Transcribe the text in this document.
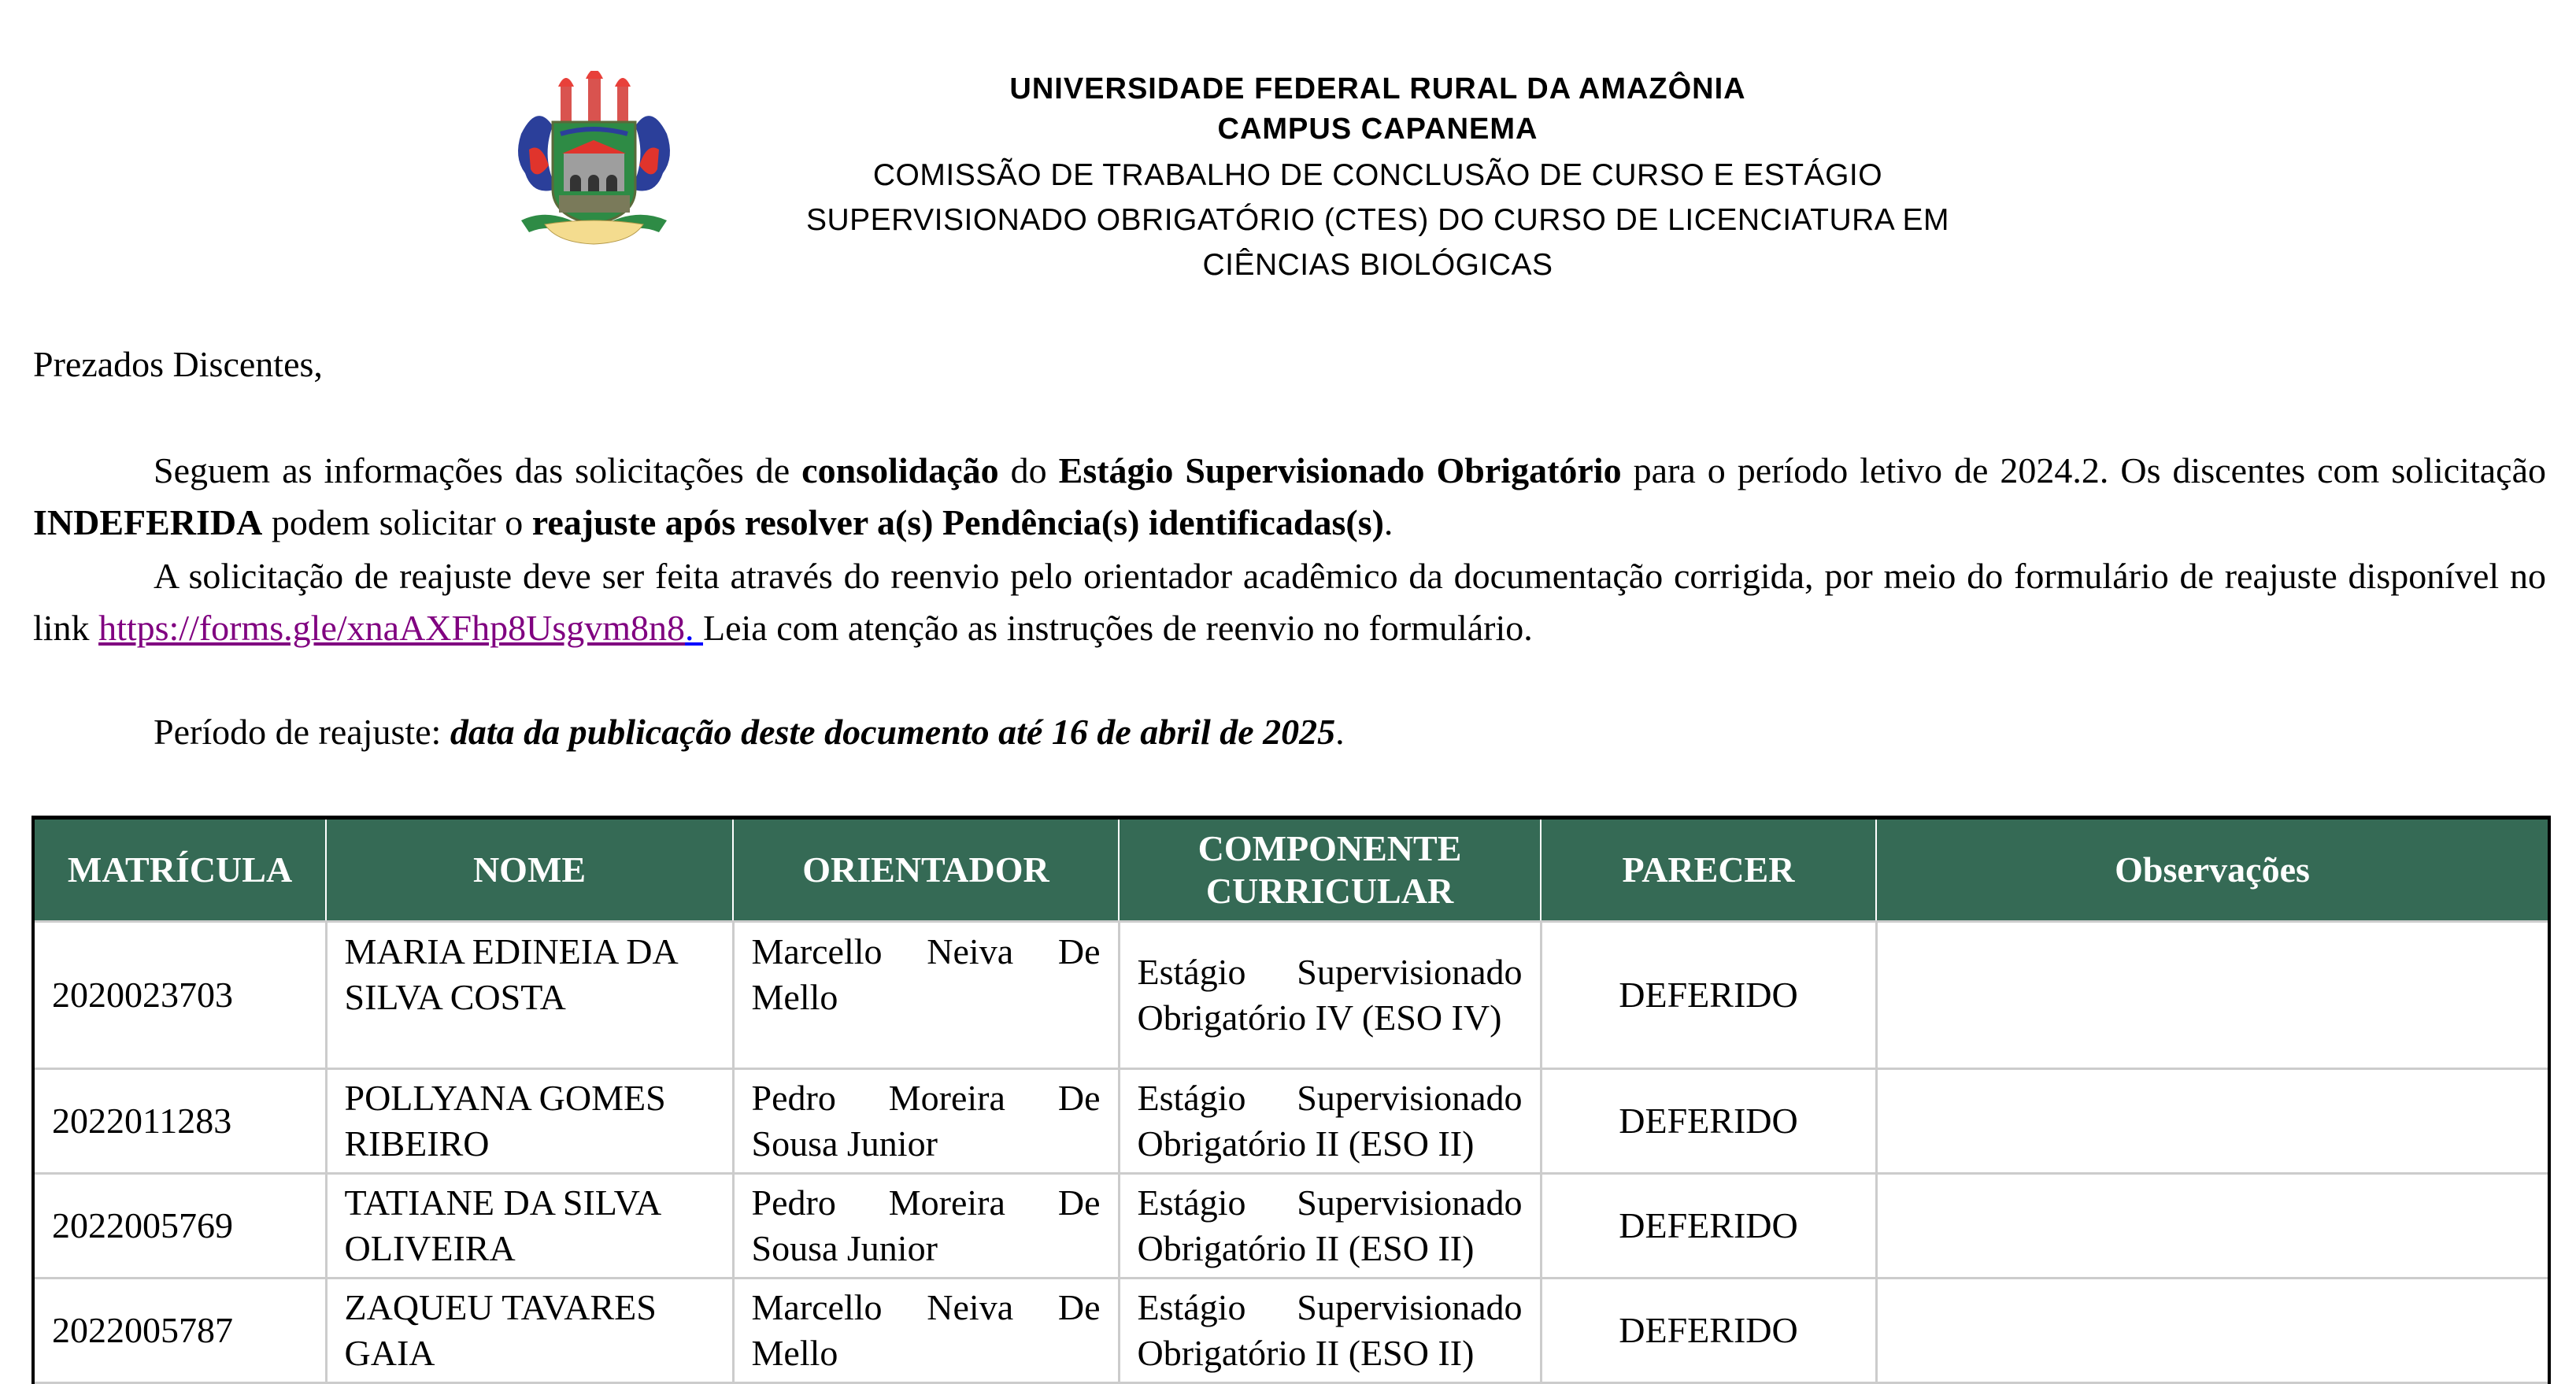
UNIVERSIDADE FEDERAL RURAL DA AMAZÔNIA
CAMPUS CAPANEMA
COMISSÃO DE TRABALHO DE CONCLUSÃO DE CURSO E ESTÁGIO
SUPERVISIONADO OBRIGATÓRIO (CTES) DO CURSO DE LICENCIATURA EM
CIÊNCIAS BIOLÓGICAS
Prezados Discentes,
Seguem as informações das solicitações de consolidação do Estágio Supervisionado Obrigatório para o período letivo de 2024.2. Os discentes com solicitação INDEFERIDA podem solicitar o reajuste após resolver a(s) Pendência(s) identificadas(s).
A solicitação de reajuste deve ser feita através do reenvio pelo orientador acadêmico da documentação corrigida, por meio do formulário de reajuste disponível no link https://forms.gle/xnaAXFhp8Usgvm8n8. Leia com atenção as instruções de reenvio no formulário.
Período de reajuste: data da publicação deste documento até 16 de abril de 2025.
MATRÍCULA	NOME	ORIENTADOR	COMPONENTE CURRICULAR	PARECER	Observações
2020023703	MARIA EDINEIA DA SILVA COSTA	Marcello Neiva De Mello	Estágio Supervisionado Obrigatório IV (ESO IV)	DEFERIDO	
2022011283	POLLYANA GOMES RIBEIRO	Pedro Moreira De Sousa Junior	Estágio Supervisionado Obrigatório II (ESO II)	DEFERIDO	
2022005769	TATIANE DA SILVA OLIVEIRA	Pedro Moreira De Sousa Junior	Estágio Supervisionado Obrigatório II (ESO II)	DEFERIDO	
2022005787	ZAQUEU TAVARES GAIA	Marcello Neiva De Mello	Estágio Supervisionado Obrigatório II (ESO II)	DEFERIDO	
